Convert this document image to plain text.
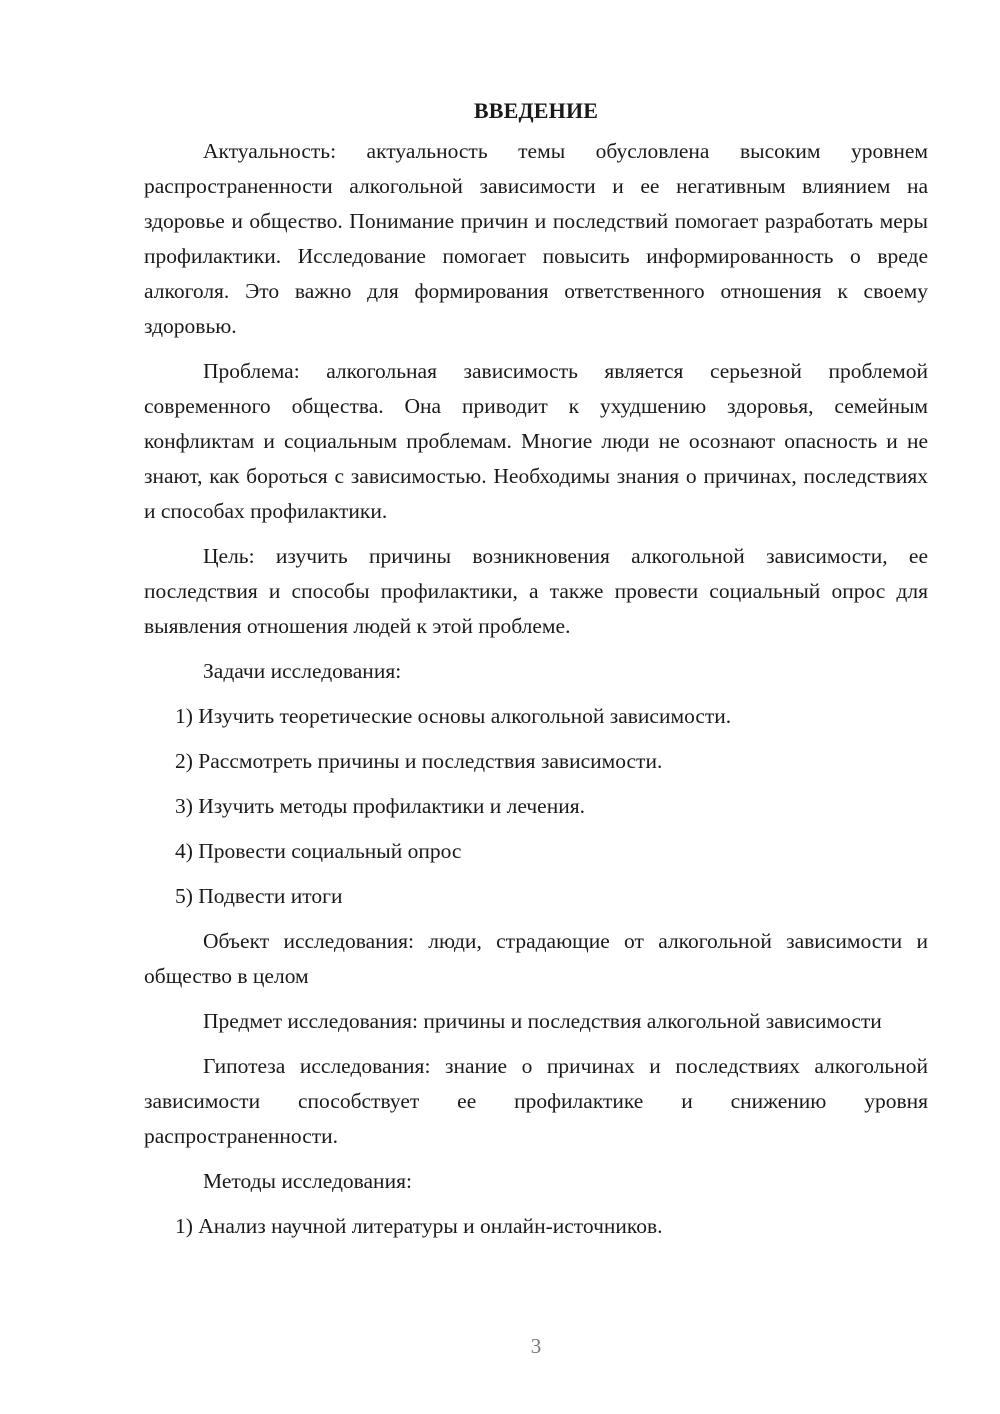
ВВЕДЕНИЕ

Актуальность: актуальность темы обусловлена высоким уровнем распространенности алкогольной зависимости и ее негативным влиянием на здоровье и общество. Понимание причин и последствий помогает разработать меры профилактики. Исследование помогает повысить информированность о вреде алкоголя. Это важно для формирования ответственного отношения к своему здоровью.

Проблема: алкогольная зависимость является серьезной проблемой современного общества. Она приводит к ухудшению здоровья, семейным конфликтам и социальным проблемам. Многие люди не осознают опасность и не знают, как бороться с зависимостью. Необходимы знания о причинах, последствиях и способах профилактики.

Цель: изучить причины возникновения алкогольной зависимости, ее последствия и способы профилактики, а также провести социальный опрос для выявления отношения людей к этой проблеме.

Задачи исследования:
1) Изучить теоретические основы алкогольной зависимости.
2) Рассмотреть причины и последствия зависимости.
3) Изучить методы профилактики и лечения.
4) Провести социальный опрос
5) Подвести итоги

Объект исследования: люди, страдающие от алкогольной зависимости и общество в целом

Предмет исследования: причины и последствия алкогольной зависимости

Гипотеза исследования: знание о причинах и последствиях алкогольной зависимости способствует ее профилактике и снижению уровня распространенности.

Методы исследования:
1) Анализ научной литературы и онлайн-источников.
3
